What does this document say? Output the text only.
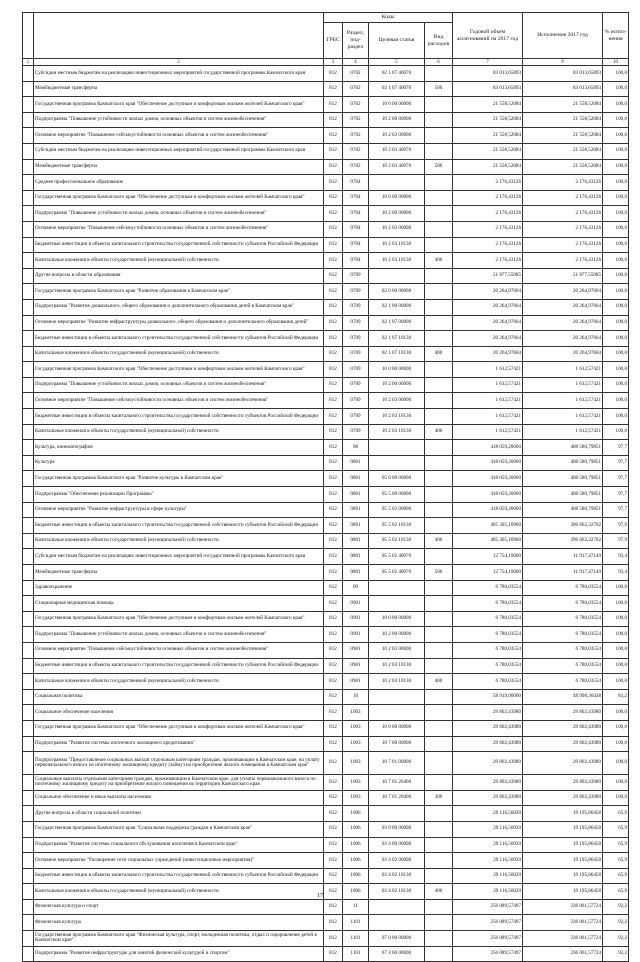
		Коды				Годовой объем ассигнований на 2017 год	Исполнение 2017 год	% испол-нения
		ГРБС	Раздел, под-раздел	Целевая статья	Вид расходов			
1	2	3	4	5	6	7	8	10
	Субсидии местным бюджетам на реализацию инвестиционных мероприятий государственной программы Камчатского края	812	0702	02 1 07 40070		83 013,65893	83 013,65893	100,0
	Межбюджетные трансферты	812	0702	02 1 07 40070	500	83 013,65893	83 013,65893	100,0
	Государственная программа Камчатского края "Обеспечение доступным и комфортным жильем жителей Камчатского края"	812	0702	10 0 00 00000		21 558,52084	21 558,52084	100,0
	Подпрограмма "Повышение устойчивости жилых домов, основных объектов и систем жизнеобеспечения"	812	0702	10 2 00 00000		21 558,52084	21 558,52084	100,0
	Основное мероприятие "Повышение сейсмоустойчивости основных объектов и систем жизнеобеспечения"	812	0702	10 2 03 00000		21 558,52084	21 558,52084	100,0
	Субсидии местным бюджетам на реализацию инвестиционных мероприятий государственной программы Камчатского края	812	0702	10 2 03 40070		21 558,52084	21 558,52084	100,0
	Межбюджетные трансферты	812	0702	10 2 03 40070	500	21 558,52084	21 558,52084	100,0
	Среднее профессиональное образование	812	0704			2 176,43126	2 176,43126	100,0
	Государственная программа Камчатского края "Обеспечение доступным и комфортным жильем жителей Камчатского края"	812	0704	10 0 00 00000		2 176,43126	2 176,43126	100,0
	Подпрограмма "Повышение устойчивости жилых домов, основных объектов и систем жизнеобеспечения"	812	0704	10 2 00 00000		2 176,43126	2 176,43126	100,0
	Основное мероприятие "Повышение сейсмоустойчивости основных объектов и систем жизнеобеспечения"	812	0704	10 2 03 00000		2 176,43126	2 176,43126	100,0
	Бюджетные инвестиции в объекты капитального строительства государственной собственности субъектов Российской Федерации	812	0704	10 2 03 10130		2 176,43126	2 176,43126	100,0
	Капитальные вложения в объекты государственной (муниципальной) собственности	812	0704	10 2 03 10130	400	2 176,43126	2 176,43126	100,0
	Другие вопросы в области образования	812	0709			21 877,55085	21 877,55085	100,0
	Государственная программа Камчатского края "Развитие образования в Камчатском крае"	812	0709	02 0 00 00000		20 264,97664	20 264,97664	100,0
	Подпрограмма "Развитие дошкольного, общего образования и дополнительного образования детей в Камчатском крае"	812	0709	02 1 00 00000		20 264,97664	20 264,97664	100,0
	Основное мероприятие "Развитие инфраструктуры дошкольного, общего образования и дополнительного образования детей"	812	0709	02 1 07 00000		20 264,97664	20 264,97664	100,0
	Бюджетные инвестиции в объекты капитального строительства государственной собственности субъектов Российской Федерации	812	0709	02 1 07 10130		20 264,97664	20 264,97664	100,0
	Капитальные вложения в объекты государственной (муниципальной) собственности	812	0709	02 1 07 10130	400	20 264,97664	20 264,97664	100,0
	Государственная программа Камчатского края "Обеспечение доступным и комфортным жильем жителей Камчатского края"	812	0709	10 0 00 00000		1 612,57421	1 612,57421	100,0
	Подпрограмма "Повышение устойчивости жилых домов, основных объектов и систем жизнеобеспечения"	812	0709	10 2 00 00000		1 612,57421	1 612,57421	100,0
	Основное мероприятие "Повышение сейсмоустойчивости основных объектов и систем жизнеобеспечения"	812	0709	10 2 03 00000		1 612,57421	1 612,57421	100,0
	Бюджетные инвестиции в объекты капитального строительства государственной собственности субъектов Российской Федерации	812	0709	10 2 03 10130		1 612,57421	1 612,57421	100,0
	Капитальные вложения в объекты государственной (муниципальной) собственности	812	0709	10 2 03 10130	400	1 612,57421	1 612,57421	100,0
	Культура, кинематография	812	08			418 059,20060	408 580,79851	97,7
	Культура	812	0801			418 059,20060	408 580,79851	97,7
	Государственная программа Камчатского края "Развитие культуры в Камчатском крае"	812	0801	05 0 00 00000		418 059,20060	408 580,79851	97,7
	Подпрограмма "Обеспечение реализации Программы"	812	0801	05 5 00 00000		418 059,20060	408 580,79851	97,7
	Основное мероприятие "Развитие инфраструктуры в сфере культуры"	812	0801	05 5 02 00000		418 059,20060	408 580,79851	97,7
	Бюджетные инвестиции в объекты капитального строительства государственной собственности субъектов Российской Федерации	812	0801	05 5 02 10130		405 305,10960	396 663,32702	97,9
	Капитальные вложения в объекты государственной (муниципальной) собственности	812	0801	05 5 02 10130	400	405 305,10960	396 663,32702	97,9
	Субсидии местным бюджетам на реализацию инвестиционных мероприятий государственной программы Камчатского края	812	0801	05 5 02 40070		12 754,10000	11 917,47149	93,4
	Межбюджетные трансферты	812	0801	05 5 02 40070	500	12 754,10000	11 917,47149	93,4
	Здравоохранение	812	09			6 780,03554	6 780,03554	100,0
	Стационарная медицинская помощь	812	0901			6 780,03554	6 780,03554	100,0
	Государственная программа Камчатского края "Обеспечение доступным и комфортным жильем жителей Камчатского края"	812	0901	10 0 00 00000		6 780,03554	6 780,03554	100,0
	Подпрограмма "Повышение устойчивости жилых домов, основных объектов и систем жизнеобеспечения"	812	0901	10 2 00 00000		6 780,03554	6 780,03554	100,0
	Основное мероприятие "Повышение сейсмоустойчивости основных объектов и систем жизнеобеспечения"	812	0901	10 2 03 00000		6 780,03554	6 780,03554	100,0
	Бюджетные инвестиции в объекты капитального строительства государственной собственности субъектов Российской Федерации	812	0901	10 2 03 10130		6 780,03554	6 780,03554	100,0
	Капитальные вложения в объекты государственной (муниципальной) собственности	812	0901	10 2 03 10130	400	6 780,03554	6 780,03554	100,0
	Социальная политика	812	10			58 919,00000	48 998,30438	83,2
	Социальное обеспечение населения	812	1003			29 802,43980	29 802,43980	100,0
	Государственная программа Камчатского края "Обеспечение доступным и комфортным жильем жителей Камчатского края"	812	1003	10 0 00 00000		29 802,43980	29 802,43980	100,0
	Подпрограмма "Развитие системы ипотечного жилищного кредитования"	812	1003	10 7 00 00000		29 802,43980	29 802,43980	100,0
	Подпрограмма "Предоставление социальных выплат отдельным категориям граждан, проживающим в Камчатском крае, на уплату первоначального взноса по ипотечному жилищному кредиту (займу) на приобретение жилого помещения в Камчатском крае"	812	1003	10 7 01 00000		29 802,43980	29 802,43980	100,0
	Социальные выплаты отдельным категориям граждан, проживающим в Камчатском крае, для уплаты первоначального взноса по ипотечному жилищному кредиту на приобретение жилого помещения на территории Камчатского края	812	1003	10 7 01 20400		29 802,43980	29 802,43980	100,0
	Социальное обеспечение и иные выплаты населению	812	1003	10 7 01 20400	300	29 802,43980	29 802,43980	100,0
	Другие вопросы в области социальной политики	812	1006			29 116,56020	19 195,86458	65,9
	Государственная программа Камчатского края "Социальная поддержка граждан в Камчатском крае"	812	1006	03 0 00 00000		29 116,56020	19 195,86458	65,9
	Подпрограмма "Развитие системы социального обслуживания населения в Камчатском крае"	812	1006	03 4 00 00000		29 116,56020	19 195,86458	65,9
	Основное мероприятие "Расширение сети социальных учреждений (инвестиционные мероприятия)"	812	1006	03 4 02 00000		29 116,56020	19 195,86458	65,9
	Бюджетные инвестиции в объекты капитального строительства государственной собственности субъектов Российской Федерации	812	1006	03 4 02 10130		29 116,56020	19 195,86458	65,9
	Капитальные вложения в объекты государственной (муниципальной) собственности	812	1006	03 4 02 10130	400	29 116,56020	19 195,86458	65,9
	Физическая культура и спорт	812	11			256 089,57497	236 061,57724	92,2
	Физическая культура	812	1101			256 089,57497	236 061,57724	92,2
	Государственная программа Камчатского края "Физическая культура, спорт, молодежная политика, отдых и оздоровление детей в Камчатском крае"	812	1101	07 0 00 00000		256 089,57497	236 061,57724	92,2
	Подпрограмма "Развитие инфраструктуры для занятий физической культурой и спортом"	812	1101	07 4 00 00000		256 089,57497	236 061,57724	92,2
17
